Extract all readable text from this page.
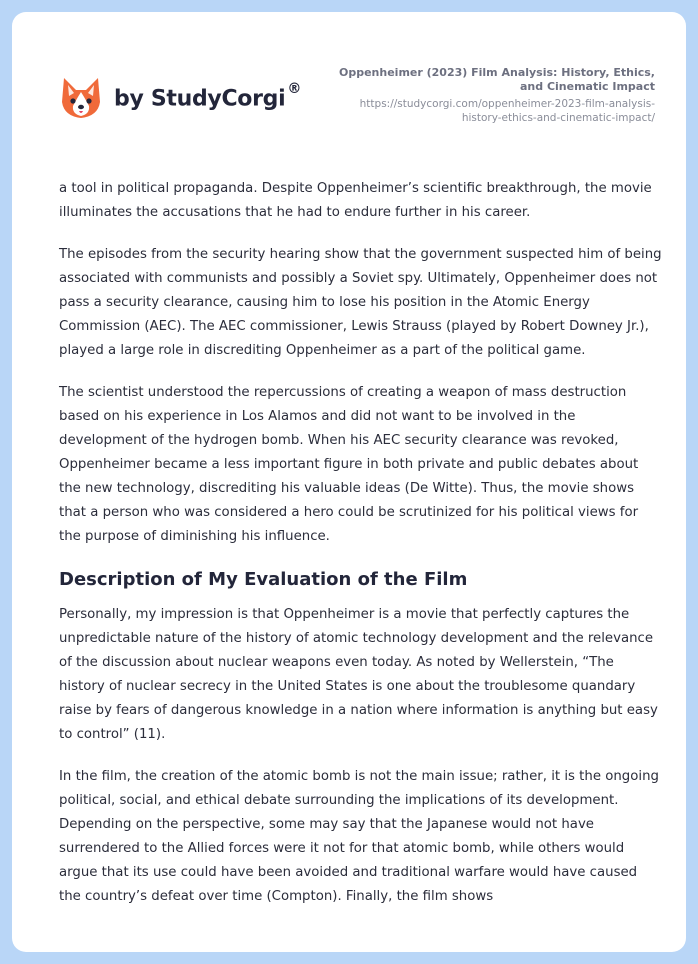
by StudyCorgi ®
Oppenheimer (2023) Film Analysis: History, Ethics, and Cinematic Impact
https://studycorgi.com/oppenheimer-2023-film-analysis-history-ethics-and-cinematic-impact/

a tool in political propaganda. Despite Oppenheimer’s scientific breakthrough, the movie illuminates the accusations that he had to endure further in his career.

The episodes from the security hearing show that the government suspected him of being associated with communists and possibly a Soviet spy. Ultimately, Oppenheimer does not pass a security clearance, causing him to lose his position in the Atomic Energy Commission (AEC). The AEC commissioner, Lewis Strauss (played by Robert Downey Jr.), played a large role in discrediting Oppenheimer as a part of the political game.

The scientist understood the repercussions of creating a weapon of mass destruction based on his experience in Los Alamos and did not want to be involved in the development of the hydrogen bomb. When his AEC security clearance was revoked, Oppenheimer became a less important figure in both private and public debates about the new technology, discrediting his valuable ideas (De Witte). Thus, the movie shows that a person who was considered a hero could be scrutinized for his political views for the purpose of diminishing his influence.

Description of My Evaluation of the Film

Personally, my impression is that Oppenheimer is a movie that perfectly captures the unpredictable nature of the history of atomic technology development and the relevance of the discussion about nuclear weapons even today. As noted by Wellerstein, “The history of nuclear secrecy in the United States is one about the troublesome quandary raise by fears of dangerous knowledge in a nation where information is anything but easy to control” (11).

In the film, the creation of the atomic bomb is not the main issue; rather, it is the ongoing political, social, and ethical debate surrounding the implications of its development. Depending on the perspective, some may say that the Japanese would not have surrendered to the Allied forces were it not for that atomic bomb, while others would argue that its use could have been avoided and traditional warfare would have caused the country’s defeat over time (Compton). Finally, the film shows
